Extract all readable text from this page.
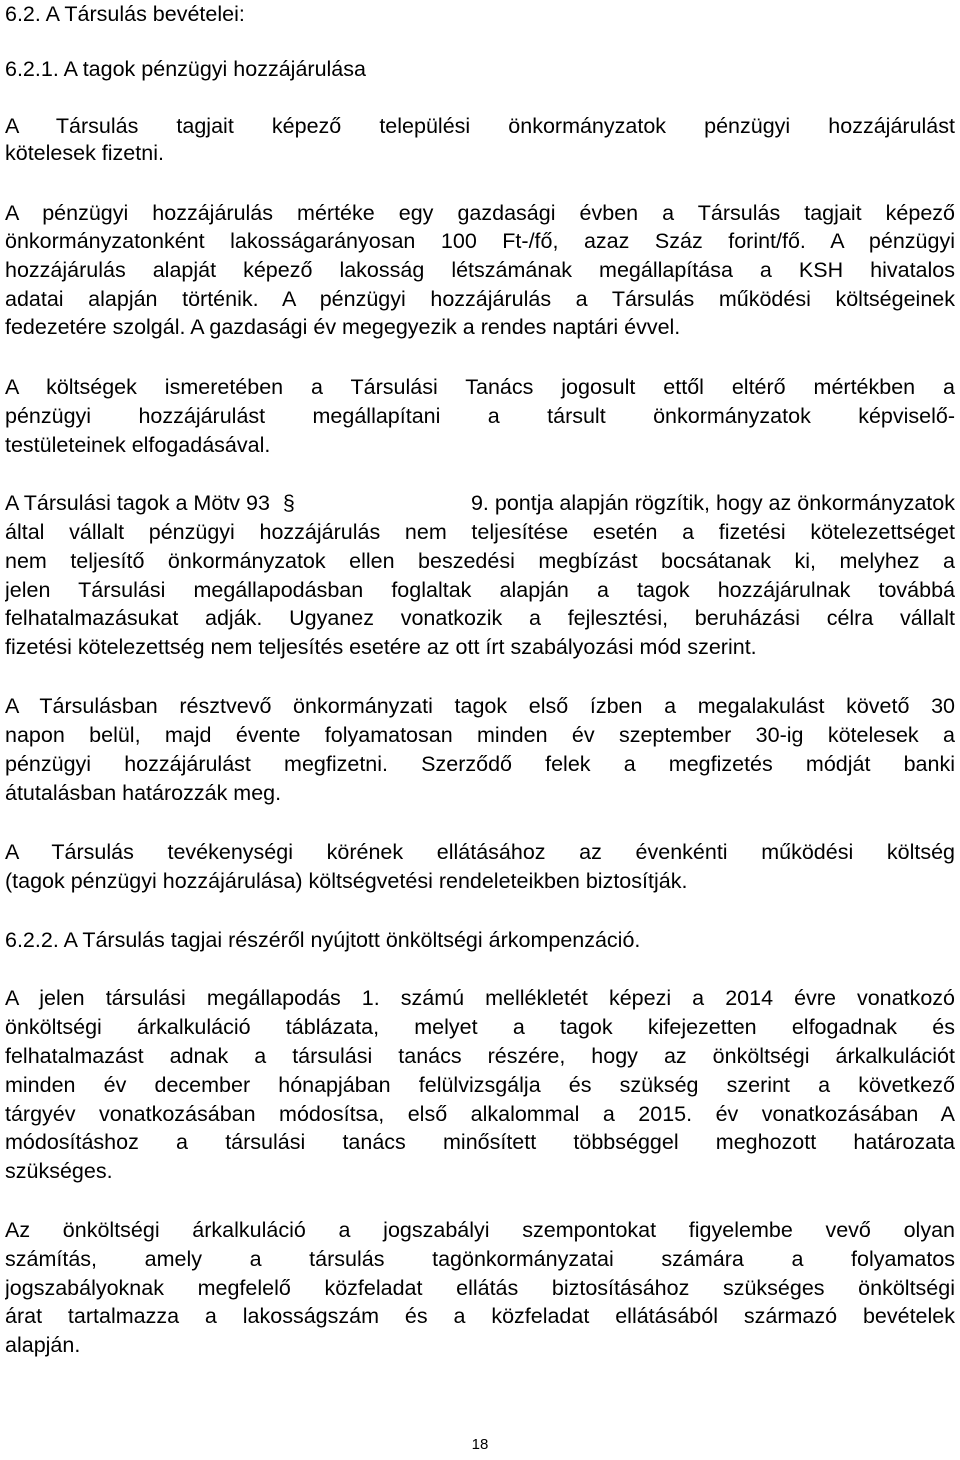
6.2. A Társulás bevételei:
6.2.1. A tagok pénzügyi hozzájárulása
A Társulás tagjait képező települési önkormányzatok pénzügyi hozzájárulást
kötelesek fizetni.
A pénzügyi hozzájárulás mértéke egy gazdasági évben a Társulás tagjait képező
önkormányzatonként lakosságarányosan 100 Ft-/fő, azaz Száz forint/fő. A pénzügyi
hozzájárulás alapját képező lakosság létszámának megállapítása a KSH hivatalos
adatai alapján történik. A pénzügyi hozzájárulás a Társulás működési költségeinek
fedezetére szolgál. A gazdasági év megegyezik a rendes naptári évvel.
A költségek ismeretében a Társulási Tanács jogosult ettől eltérő mértékben a
pénzügyi hozzájárulást megállapítani a társult önkormányzatok képviselő-
testületeinek elfogadásával.
A Társulási tagok a Mötv 93 §	9. pontja alapján rögzítik, hogy az önkormányzatok
által vállalt pénzügyi hozzájárulás nem teljesítése esetén a fizetési kötelezettséget
nem teljesítő önkormányzatok ellen beszedési megbízást bocsátanak ki, melyhez a
jelen Társulási megállapodásban foglaltak alapján a tagok hozzájárulnak továbbá
felhatalmazásukat adják. Ugyanez vonatkozik a fejlesztési, beruházási célra vállalt
fizetési kötelezettség nem teljesítés esetére az ott írt szabályozási mód szerint.
A Társulásban résztvevő önkormányzati tagok első ízben a megalakulást követő 30
napon belül, majd évente folyamatosan minden év szeptember 30-ig kötelesek a
pénzügyi hozzájárulást megfizetni. Szerződő felek a megfizetés módját banki
átutalásban határozzák meg.
A Társulás tevékenységi körének ellátásához az évenkénti működési költség
(tagok pénzügyi hozzájárulása) költségvetési rendeleteikben biztosítják.
6.2.2. A Társulás tagjai részéről nyújtott önköltségi árkompenzáció.
A jelen társulási megállapodás 1. számú mellékletét képezi a 2014 évre vonatkozó
önköltségi árkalkuláció táblázata, melyet a tagok kifejezetten elfogadnak és
felhatalmazást adnak a társulási tanács részére, hogy az önköltségi árkalkulációt
minden év december hónapjában felülvizsgálja és szükség szerint a következő
tárgyév vonatkozásában módosítsa, első alkalommal a 2015. év vonatkozásában A
módosításhoz a társulási tanács minősített többséggel meghozott határozata
szükséges.
Az önköltségi árkalkuláció a jogszabályi szempontokat figyelembe vevő olyan
számítás, amely a társulás tagönkormányzatai számára a folyamatos
jogszabályoknak megfelelő közfeladat ellátás biztosításához szükséges önköltségi
árat tartalmazza a lakosságszám és a közfeladat ellátásából származó bevételek
alapján.
18
